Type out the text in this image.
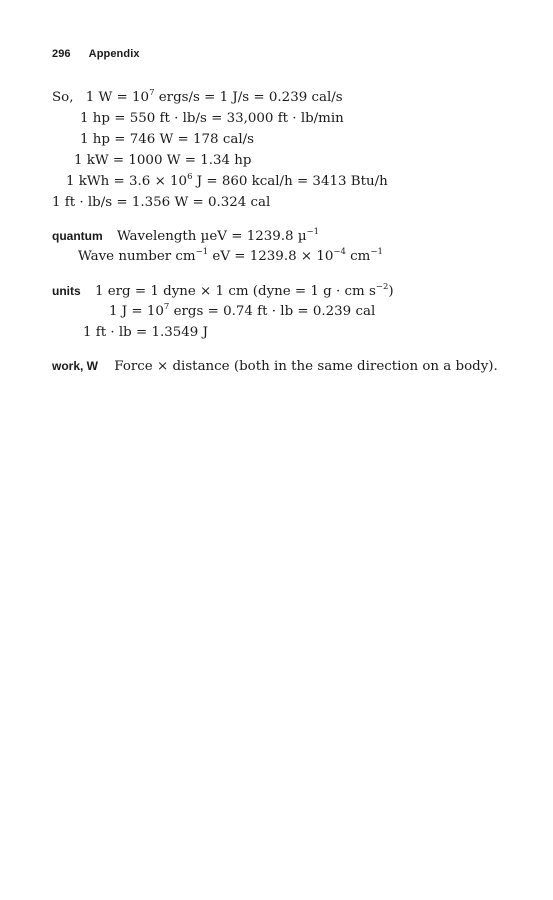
296 Appendix
So, 1 $W = 10^7$ ergs/s = 1 J/s = 0.239 cal/s
1 hp = 550 ft · lb/s = 33,000 ft · lb/min
1 hp = 746 W = 178 cal/s
1 kW = 1000 W = 1.34 hp
1 kWh = $3.6 \times 10^6$ J = 860 kcal/h = 3413 Btu/h
1 ft · lb/s = 1.356 W = 0.324 cal
quantum Wavelength µeV = 1239.8 µ$^{-1}$
Wave number $cm^{-1}$ eV = $1239.8 \times 10^{-4}$ $cm^{-1}$
units 1 erg = 1 dyne × 1 cm (dyne = 1 g · cm $s^{-2}$)
1 $J = 10^7$ ergs = 0.74 ft · lb = 0.239 cal
1 ft · lb = 1.3549 J
work, W Force × distance (both in the same direction on a body).
